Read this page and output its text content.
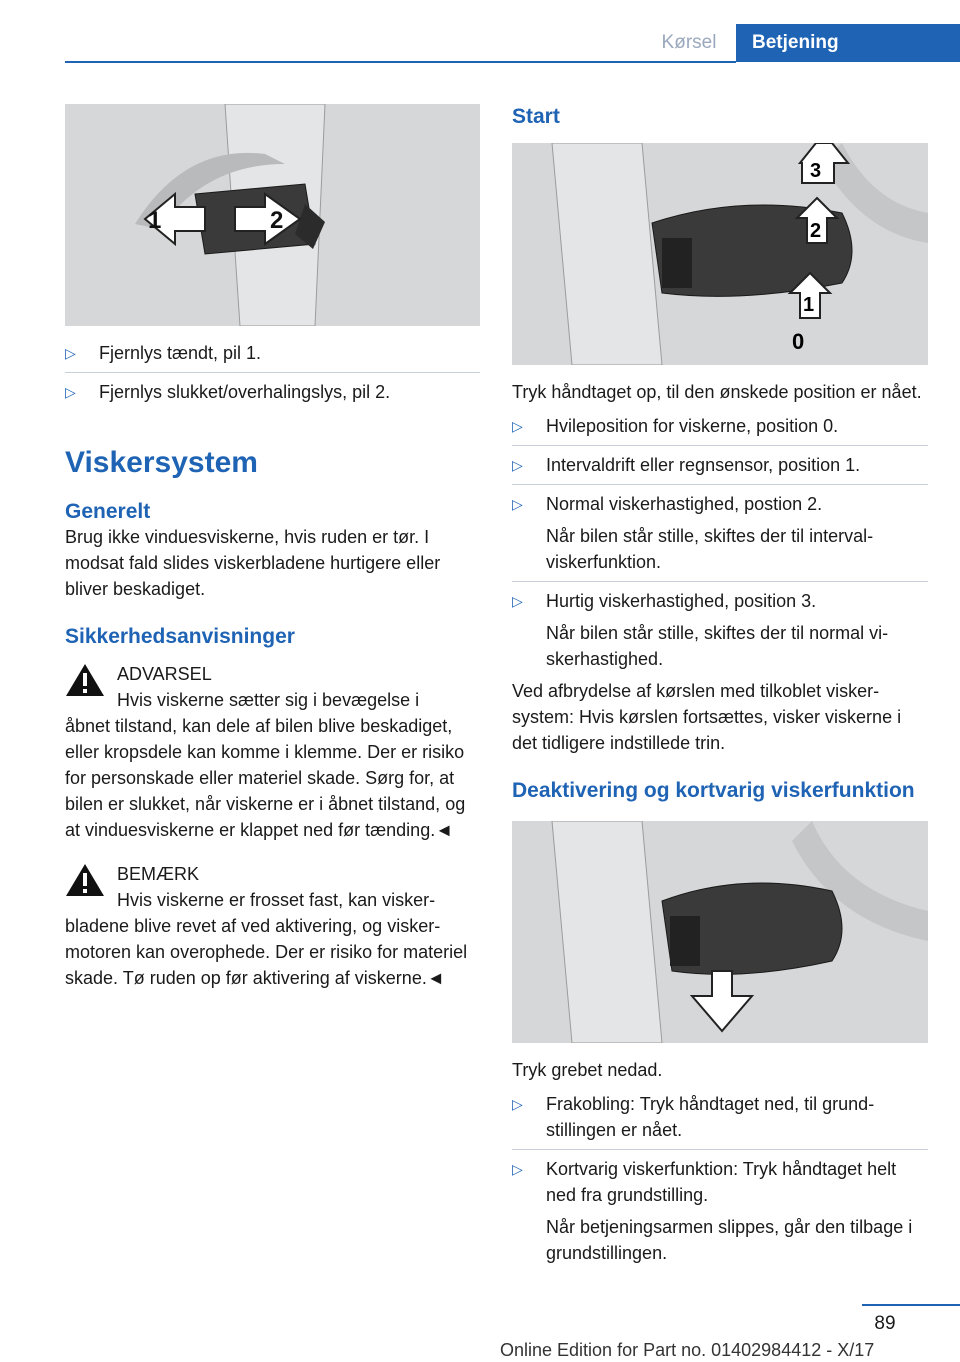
Kørsel	Betjening
1	2
▷ Fjernlys tændt, pil 1.
▷ Fjernlys slukket/overhalingslys, pil 2.
Viskersystem
Generelt
Brug ikke vinduesviskerne, hvis ruden er tør. I modsat fald slides viskerbladene hurtigere eller bliver beskadiget.
Sikkerhedsanvisninger
ADVARSEL
Hvis viskerne sætter sig i bevægelse i
åbnet tilstand, kan dele af bilen blive beskadiget, eller kropsdele kan komme i klemme. Der er risiko for personskade eller materiel skade. Sørg for, at bilen er slukket, når viskerne er i åbnet tilstand, og at vinduesviskerne er klappet ned før tænding.◄
BEMÆRK
Hvis viskerne er frosset fast, kan visker-
bladene blive revet af ved aktivering, og viskermotoren kan overophede. Der er risiko for materiel skade. Tø ruden op før aktivering af viskerne.◄
Start
3
2
1
0
Tryk håndtaget op, til den ønskede position er nået.
▷ Hvileposition for viskerne, position 0.
▷ Intervaldrift eller regnsensor, position 1.
▷ Normal viskerhastighed, postion 2.
Når bilen står stille, skiftes der til intervalviskerfunktion.
▷ Hurtig viskerhastighed, position 3.
Når bilen står stille, skiftes der til normal viskerhastighed.
Ved afbrydelse af kørslen med tilkoblet viskersystem: Hvis kørslen fortsættes, visker viskerne i det tidligere indstillede trin.
Deaktivering og kortvarig viskerfunktion
Tryk grebet nedad.
▷ Frakobling: Tryk håndtaget ned, til grundstillingen er nået.
▷ Kortvarig viskerfunktion: Tryk håndtaget helt ned fra grundstilling.
Når betjeningsarmen slippes, går den tilbage i grundstillingen.
89
Online Edition for Part no. 01402984412 - X/17
